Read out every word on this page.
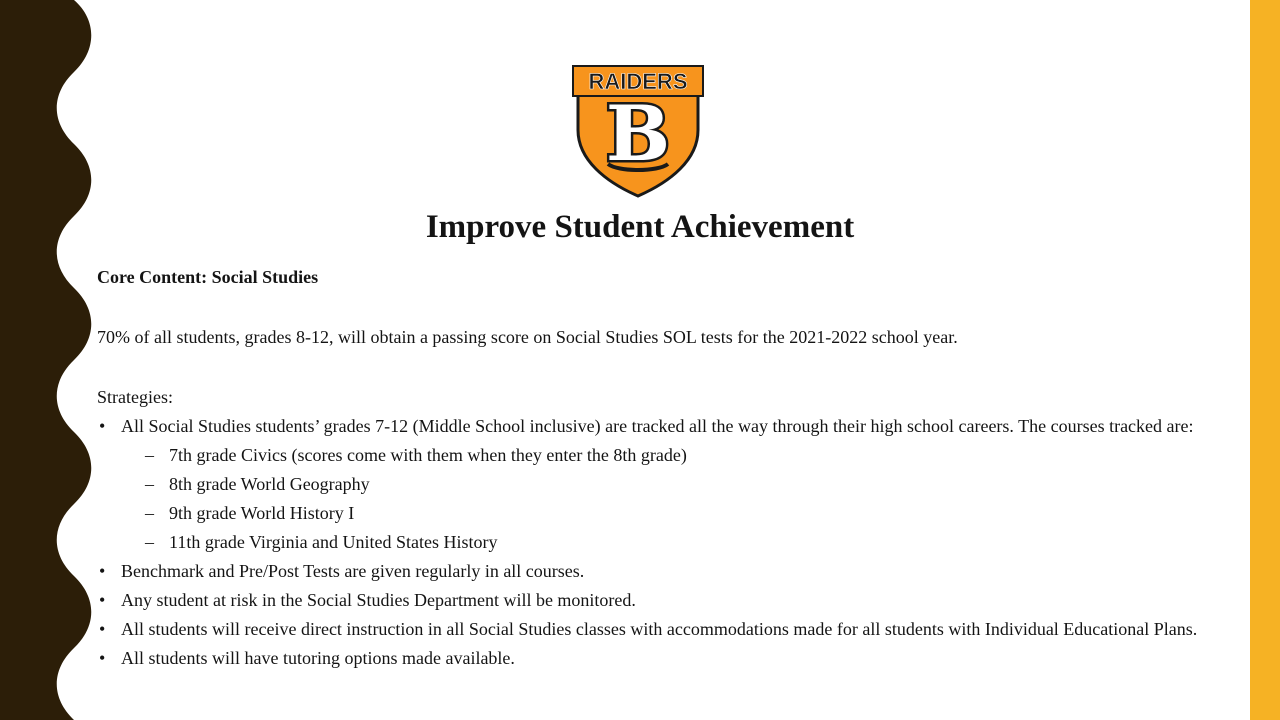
RAIDERS
B
Improve Student Achievement

Core Content: Social Studies

70% of all students, grades 8-12, will obtain a passing score on Social Studies SOL tests for the 2021-2022 school year.

Strategies:

• All Social Studies students’ grades 7-12 (Middle School inclusive) are tracked all the way through their high school careers. The courses tracked are:
– 7th grade Civics (scores come with them when they enter the 8th grade)
– 8th grade World Geography
– 9th grade World History I
– 11th grade Virginia and United States History
• Benchmark and Pre/Post Tests are given regularly in all courses.
• Any student at risk in the Social Studies Department will be monitored.
• All students will receive direct instruction in all Social Studies classes with accommodations made for all students with Individual Educational Plans.
• All students will have tutoring options made available.
